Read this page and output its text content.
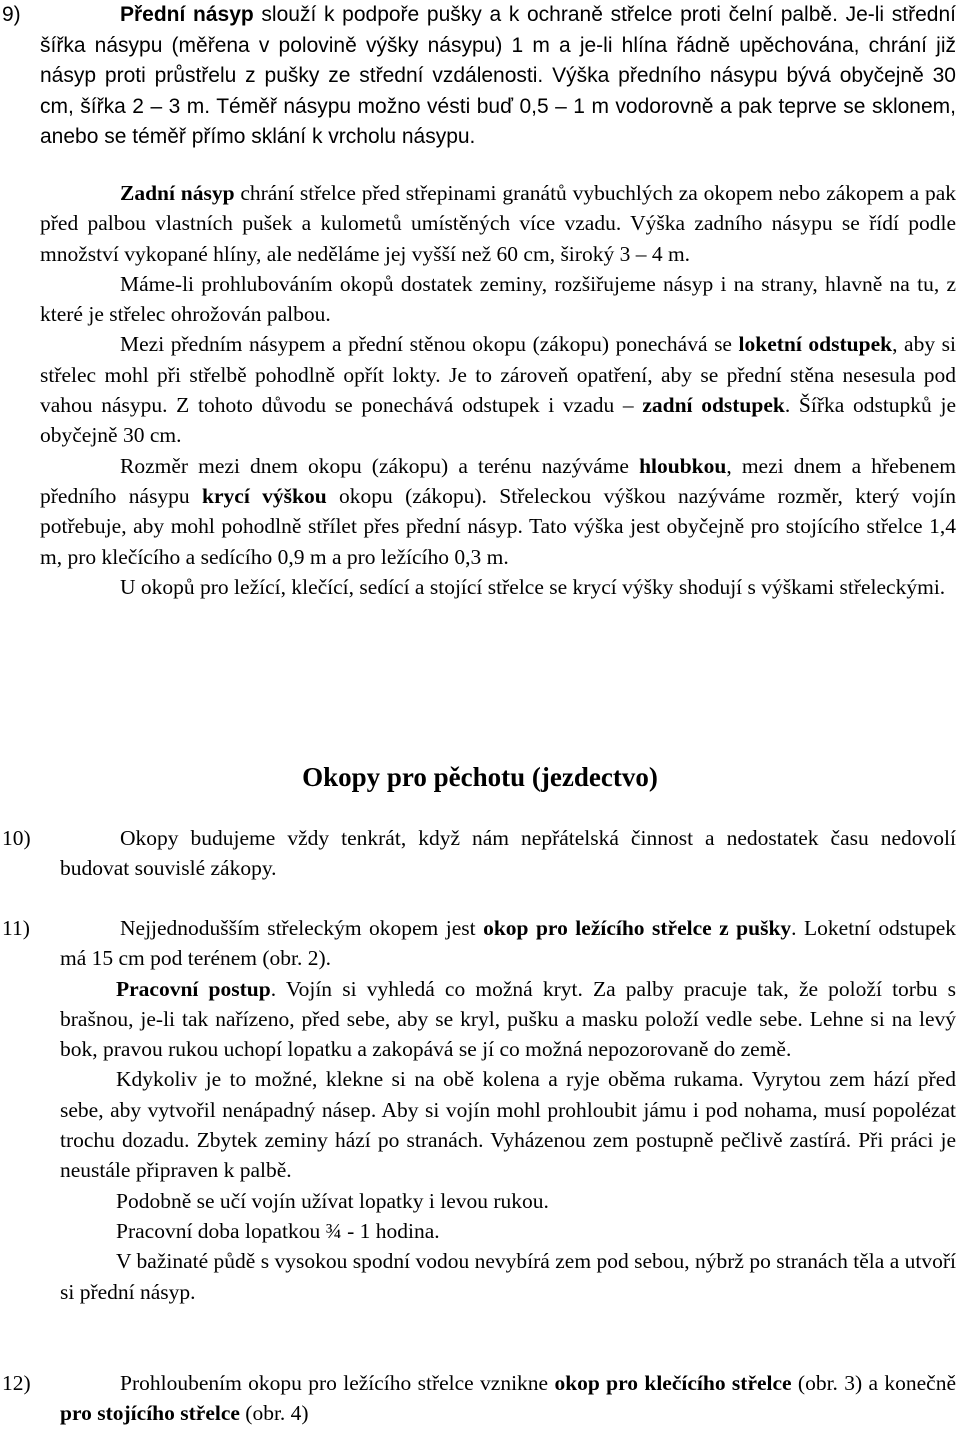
9)	Přední násyp slouží k podpoře pušky a k ochraně střelce proti čelní palbě. Je-li střední šířka násypu (měřena v polovině výšky násypu) 1 m a je-li hlína řádně upěchována, chrání již násyp proti průstřelu z pušky ze střední vzdálenosti. Výška předního násypu bývá obyčejně 30 cm, šířka 2 – 3 m. Téměř násypu možno vésti buď 0,5 – 1 m vodorovně a pak teprve se sklonem, anebo se téměř přímo sklání k vrcholu násypu.

Zadní násyp chrání střelce před střepinami granátů vybuchlých za okopem nebo zákopem a pak před palbou vlastních pušek a kulometů umístěných více vzadu. Výška zadního násypu se řídí podle množství vykopané hlíny, ale neděláme jej vyšší než 60 cm, široký 3 – 4 m.

Máme-li prohlubováním okopů dostatek zeminy, rozšiřujeme násyp i na strany, hlavně na tu, z které je střelec ohrožován palbou.

Mezi předním násypem a přední stěnou okopu (zákopu) ponechává se loketní odstupek, aby si střelec mohl při střelbě pohodlně opřít lokty. Je to zároveň opatření, aby se přední stěna nesesula pod vahou násypu. Z tohoto důvodu se ponechává odstupek i vzadu – zadní odstupek. Šířka odstupků je obyčejně 30 cm.

Rozměr mezi dnem okopu (zákopu) a terénu nazýváme hloubkou, mezi dnem a hřebenem předního násypu krycí výškou okopu (zákopu). Střeleckou výškou nazýváme rozměr, který vojín potřebuje, aby mohl pohodlně střílet přes přední násyp. Tato výška jest obyčejně pro stojícího střelce 1,4 m, pro klečícího a sedícího 0,9 m a pro ležícího 0,3 m.

U okopů pro ležící, klečící, sedící a stojící střelce se krycí výšky shodují s výškami střeleckými.

Okopy pro pěchotu (jezdectvo)
10)	Okopy budujeme vždy tenkrát, když nám nepřátelská činnost a nedostatek času nedovolí budovat souvislé zákopy.

11)	Nejjednodušším střeleckým okopem jest okop pro ležícího střelce z pušky. Loketní odstupek má 15 cm pod terénem (obr. 2).

Pracovní postup. Vojín si vyhledá co možná kryt. Za palby pracuje tak, že položí torbu s brašnou, je-li tak nařízeno, před sebe, aby se kryl, pušku a masku položí vedle sebe. Lehne si na levý bok, pravou rukou uchopí lopatku a zakopává se jí co možná nepozorovaně do země.

Kdykoliv je to možné, klekne si na obě kolena a ryje oběma rukama. Vyrytou zem hází před sebe, aby vytvořil nenápadný násep. Aby si vojín mohl prohloubit jámu i pod nohama, musí popolézat trochu dozadu. Zbytek zeminy hází po stranách. Vyházenou zem postupně pečlivě zastírá. Při práci je neustále připraven k palbě.

Podobně se učí vojín užívat lopatky i levou rukou.

Pracovní doba lopatkou ¾ - 1 hodina.

V bažinaté půdě s vysokou spodní vodou nevybírá zem pod sebou, nýbrž po stranách těla a utvoří si přední násyp.

12)	Prohloubením okopu pro ležícího střelce vznikne okop pro klečícího střelce (obr. 3) a konečně pro stojícího střelce (obr. 4)
